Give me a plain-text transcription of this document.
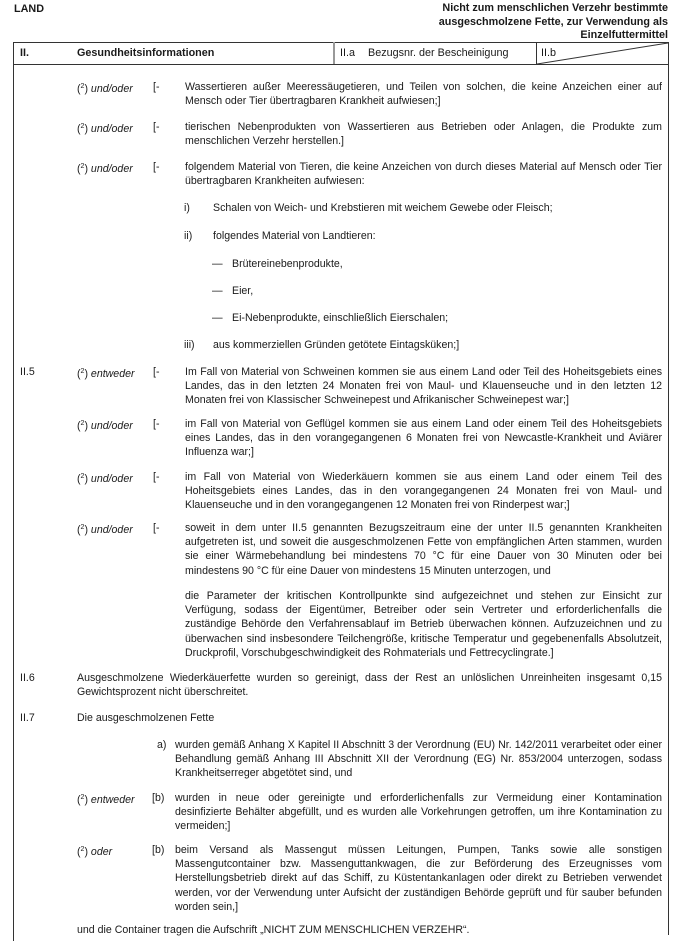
LAND	Nicht zum menschlichen Verzehr bestimmte
ausgeschmolzene Fette, zur Verwendung als
Einzelfuttermittel
II.	Gesundheitsinformationen	II.a Bezugsnr. der Bescheinigung	II.b
($^2$) und/oder [- Wassertieren außer Meeressäugetieren, und Teilen von solchen, die keine Anzeichen einer auf Mensch oder Tier übertragbaren Krankheit aufwiesen;]
($^2$) und/oder [- tierischen Nebenprodukten von Wassertieren aus Betrieben oder Anlagen, die Produkte zum menschlichen Verzehr herstellen.]
($^2$) und/oder [- folgendem Material von Tieren, die keine Anzeichen von durch dieses Material auf Mensch oder Tier übertragbaren Krankheiten aufwiesen:
i) Schalen von Weich- und Krebstieren mit weichem Gewebe oder Fleisch;
ii) folgendes Material von Landtieren:
— Brütereinebenprodukte,
— Eier,
— Ei-Nebenprodukte, einschließlich Eierschalen;
iii) aus kommerziellen Gründen getötete Eintagsküken;]
II.5	($^2$) entweder [- Im Fall von Material von Schweinen kommen sie aus einem Land oder Teil des Hoheitsgebiets eines Landes, das in den letzten 24 Monaten frei von Maul- und Klauenseuche und in den letzten 12 Monaten frei von Klassischer Schweinepest und Afrikanischer Schweinepest war;]
($^2$) und/oder [- im Fall von Material von Geflügel kommen sie aus einem Land oder einem Teil des Hoheitsgebiets eines Landes, das in den vorangegangenen 6 Monaten frei von Newcastle-Krankheit und Aviärer Influenza war;]
($^2$) und/oder [- im Fall von Material von Wiederkäuern kommen sie aus einem Land oder einem Teil des Hoheitsgebiets eines Landes, das in den vorangegangenen 24 Monaten frei von Maul- und Klauenseuche und in den vorangegangenen 12 Monaten frei von Rinderpest war;]
($^2$) und/oder [- soweit in dem unter II.5 genannten Bezugszeitraum eine der unter II.5 genannten Krankheiten aufgetreten ist, und soweit die ausgeschmolzenen Fette von empfänglichen Arten stammen, wurden sie einer Wärmebehandlung bei mindestens 70 °C für eine Dauer von 30 Minuten oder bei mindestens 90 °C für eine Dauer von mindestens 15 Minuten unterzogen, und
die Parameter der kritischen Kontrollpunkte sind aufgezeichnet und stehen zur Einsicht zur Verfügung, sodass der Eigentümer, Betreiber oder sein Vertreter und erforderlichenfalls die zuständige Behörde den Verfahrensablauf im Betrieb überwachen können. Aufzuzeichnen und zu überwachen sind insbesondere Teilchengröße, kritische Temperatur und gegebenenfalls Absolutzeit, Druckprofil, Vorschubgeschwindigkeit des Rohmaterials und Fettrecyclingrate.]
II.6	Ausgeschmolzene Wiederkäuerfette wurden so gereinigt, dass der Rest an unlöslichen Unreinheiten insgesamt 0,15 Gewichtsprozent nicht überschreitet.
II.7	Die ausgeschmolzenen Fette
a) wurden gemäß Anhang X Kapitel II Abschnitt 3 der Verordnung (EU) Nr. 142/2011 verarbeitet oder einer Behandlung gemäß Anhang III Abschnitt XII der Verordnung (EG) Nr. 853/2004 unterzogen, sodass Krankheitserreger abgetötet sind, und
($^2$) entweder [b) wurden in neue oder gereinigte und erforderlichenfalls zur Vermeidung einer Kontamination desinfizierte Behälter abgefüllt, und es wurden alle Vorkehrungen getroffen, um ihre Kontamination zu vermeiden;]
($^2$) oder	[b) beim Versand als Massengut müssen Leitungen, Pumpen, Tanks sowie alle sonstigen Massengutcontainer bzw. Massenguttankwagen, die zur Beförderung des Erzeugnisses vom Herstellungsbetrieb direkt auf das Schiff, zu Küstentankanlagen oder direkt zu Betrieben verwendet werden, vor der Verwendung unter Aufsicht der zuständigen Behörde geprüft und für sauber befunden worden sein,]
und die Container tragen die Aufschrift „NICHT ZUM MENSCHLICHEN VERZEHR“.
